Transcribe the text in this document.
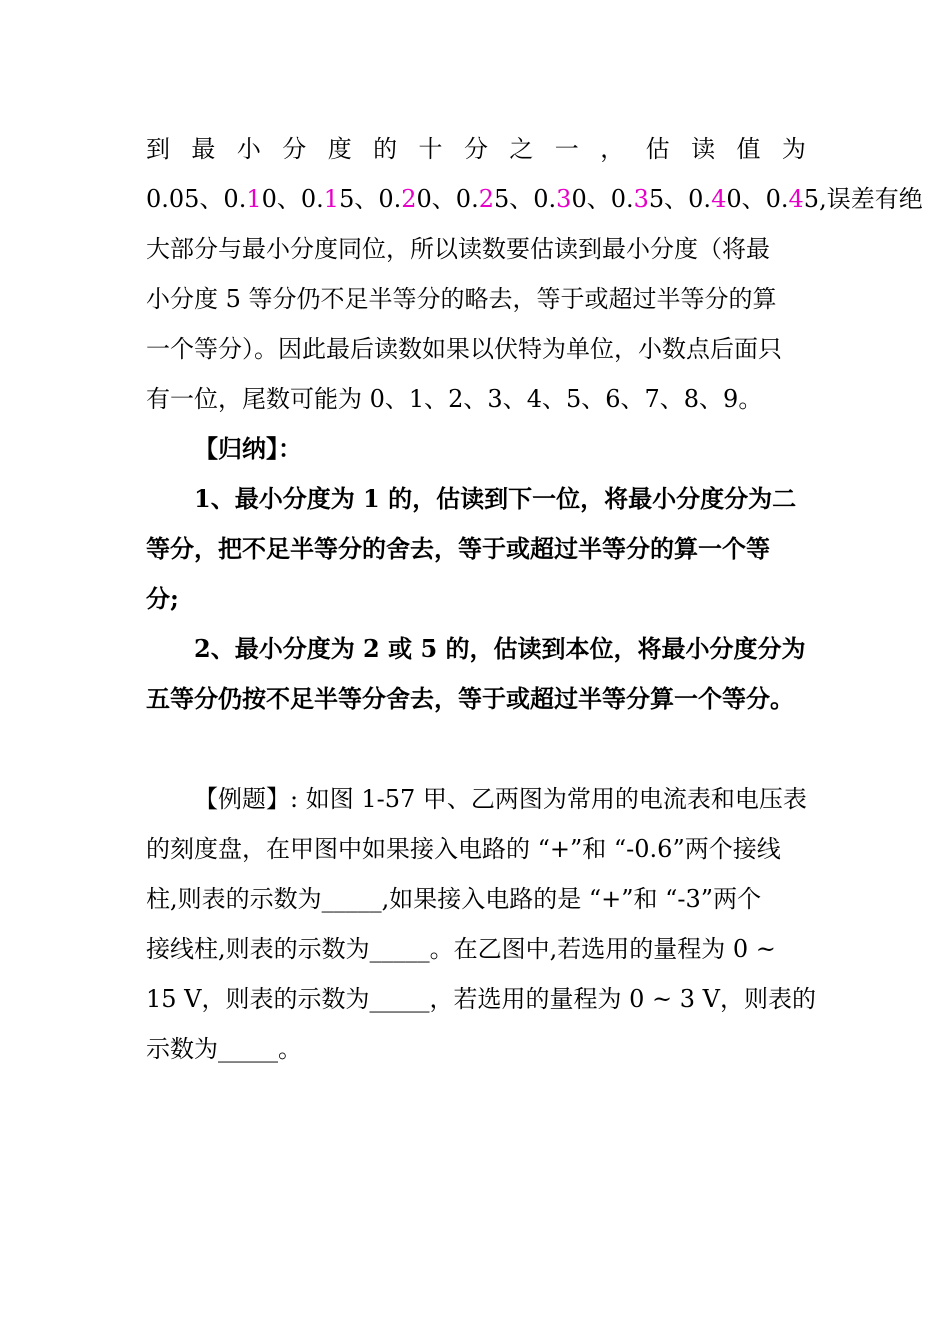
到 最 小 分 度 的 十 分 之 一 ， 估 读 值 为
0.05、0.10、0.15、0.20、0.25、0.30、0.35、0.40、0.45,误差有绝
大部分与最小分度同位，所以读数要估读到最小分度（将最
小分度 5 等分仍不足半等分的略去，等于或超过半等分的算
一个等分）。因此最后读数如果以伏特为单位，小数点后面只
有一位，尾数可能为 0、1、2、3、4、5、6、7、8、9。
【归纳】：
1、最小分度为 1 的，估读到下一位，将最小分度分为二
等分，把不足半等分的舍去，等于或超过半等分的算一个等
分;
2、最小分度为 2 或 5 的，估读到本位，将最小分度分为
五等分仍按不足半等分舍去，等于或超过半等分算一个等分。
【例题】: 如图 1-57 甲、乙两图为常用的电流表和电压表
的刻度盘，在甲图中如果接入电路的 “+”和 “-0.6”两个接线
柱,则表的示数为_____,如果接入电路的是 “+”和 “-3”两个
接线柱,则表的示数为_____。在乙图中,若选用的量程为 0 ~
15 V，则表的示数为_____，若选用的量程为 0 ~ 3 V，则表的
示数为_____。
